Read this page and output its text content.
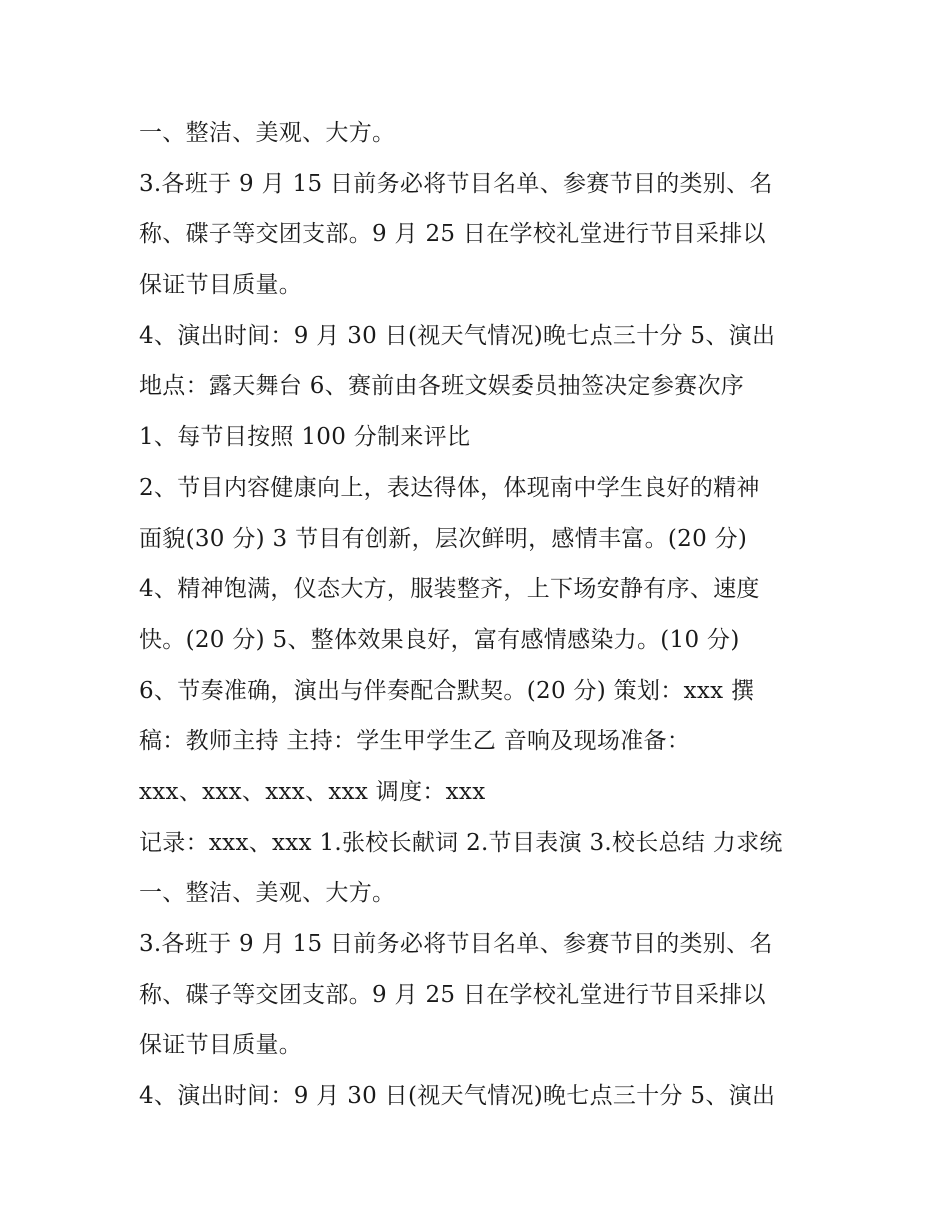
一、整洁、美观、大方。
3.各班于 9 月 15 日前务必将节目名单、参赛节目的类别、名
称、碟子等交团支部。9 月 25 日在学校礼堂进行节目采排以
保证节目质量。
4、演出时间：9 月 30 日(视天气情况)晚七点三十分 5、演出
地点：露天舞台 6、赛前由各班文娱委员抽签决定参赛次序
1、每节目按照 100 分制来评比
2、节目内容健康向上，表达得体，体现南中学生良好的精神
面貌(30 分) 3 节目有创新，层次鲜明，感情丰富。(20 分)
4、精神饱满，仪态大方，服装整齐，上下场安静有序、速度
快。(20 分) 5、整体效果良好，富有感情感染力。(10 分)
6、节奏准确，演出与伴奏配合默契。(20 分) 策划：xxx 撰
稿：教师主持 主持：学生甲学生乙 音响及现场准备：
xxx、xxx、xxx、xxx 调度：xxx
记录：xxx、xxx 1.张校长献词 2.节目表演 3.校长总结 力求统
一、整洁、美观、大方。
3.各班于 9 月 15 日前务必将节目名单、参赛节目的类别、名
称、碟子等交团支部。9 月 25 日在学校礼堂进行节目采排以
保证节目质量。
4、演出时间：9 月 30 日(视天气情况)晚七点三十分 5、演出
